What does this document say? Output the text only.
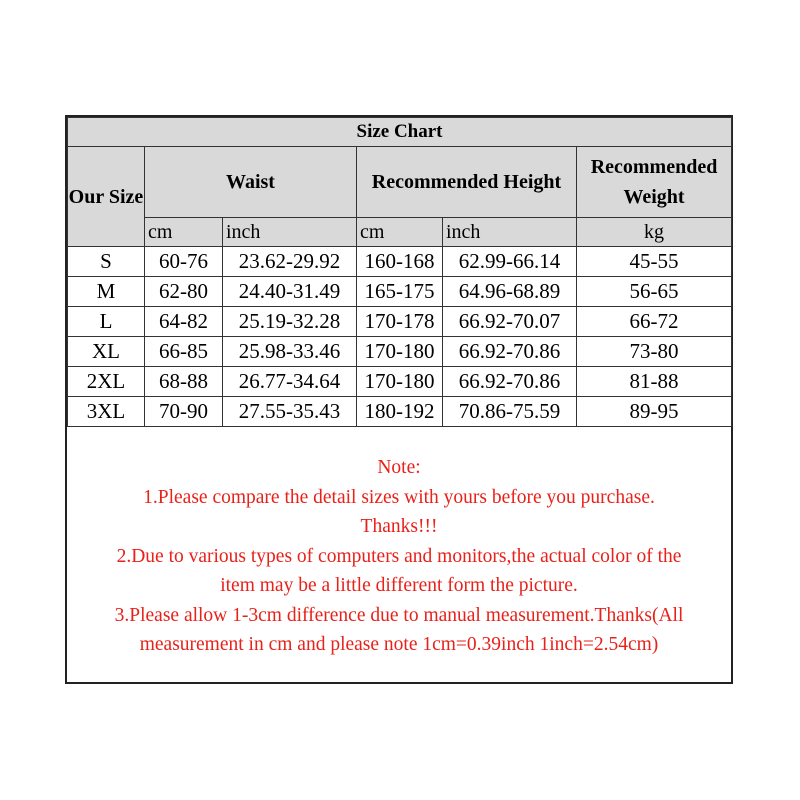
Size Chart					
Our Size	Waist		Recommended Height		Recommended Weight
	cm	inch	cm	inch	kg
S	60-76	23.62-29.92	160-168	62.99-66.14	45-55
M	62-80	24.40-31.49	165-175	64.96-68.89	56-65
L	64-82	25.19-32.28	170-178	66.92-70.07	66-72
XL	66-85	25.98-33.46	170-180	66.92-70.86	73-80
2XL	68-88	26.77-34.64	170-180	66.92-70.86	81-88
3XL	70-90	27.55-35.43	180-192	70.86-75.59	89-95
Note:
1.Please compare the detail sizes with yours before you purchase.
Thanks!!!
2.Due to various types of computers and monitors,the actual color of the
item may be a little different form the picture.
3.Please allow 1-3cm difference due to manual measurement.Thanks(All
measurement in cm and please note 1cm=0.39inch 1inch=2.54cm)
